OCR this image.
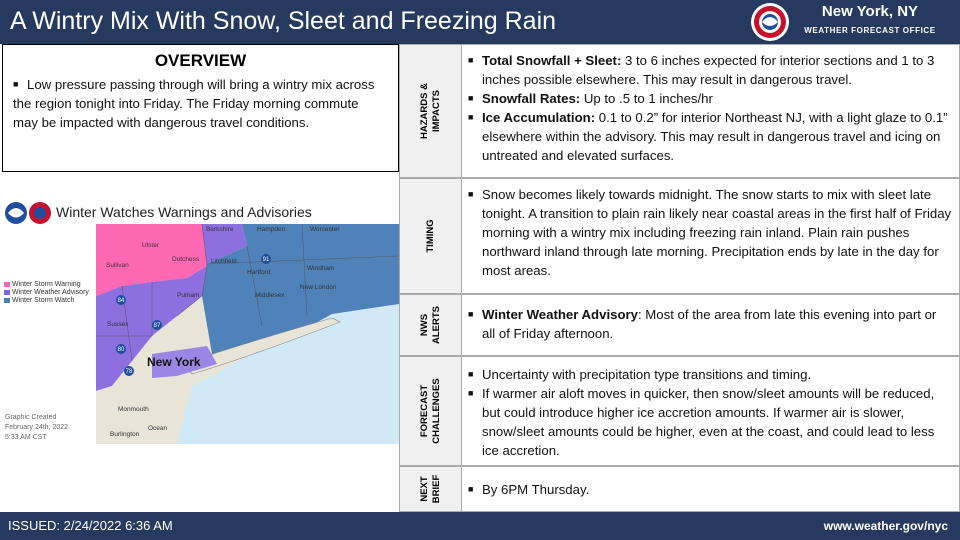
A Wintry Mix With Snow, Sleet and Freezing Rain	New York, NY
WEATHER FORECAST OFFICE
OVERVIEW
■ Low pressure passing through will bring a wintry mix across the region tonight into Friday. The Friday morning commute may be impacted with dangerous travel conditions.
91
84
87
80
78
Berkshire	Hampden	Worcester
Ulster
Dutchess
Sullivan
Litchfield
Hartford
Windham
Putnam	Middlesex
New London
Sussex
Monmouth
Burlington
Ocean
New York
Winter Watches Warnings and Advisories
Winter Storm Warning
Winter Weather Advisory
Winter Storm Watch
Graphic Created
February 24th, 2022
5:33 AM CST
HAZARDS &
IMPACTS
■ Total Snowfall + Sleet: 3 to 6 inches expected for interior sections and 1 to 3 inches possible elsewhere. This may result in dangerous travel.
■ Snowfall Rates: Up to .5 to 1 inches/hr
■ Ice Accumulation: 0.1 to 0.2” for interior Northeast NJ, with a light glaze to 0.1” elsewhere within the advisory. This may result in dangerous travel and icing on untreated and elevated surfaces.
TIMING
■ Snow becomes likely towards midnight. The snow starts to mix with sleet late tonight. A transition to plain rain likely near coastal areas in the first half of Friday morning with a wintry mix including freezing rain inland. Plain rain pushes northward inland through late morning. Precipitation ends by late in the day for most areas.
NWS
ALERTS	■ Winter Weather Advisory: Most of the area from late this evening into part or all of Friday afternoon.
FORECAST
CHALLENGES
■ Uncertainty with precipitation type transitions and timing.
■ If warmer air aloft moves in quicker, then snow/sleet amounts will be reduced, but could introduce higher ice accretion amounts. If warmer air is slower, snow/sleet amounts could be higher, even at the coast, and could lead to less ice accretion.
NEXT
BRIEF	■ By 6PM Thursday.
ISSUED: 2/24/2022 6:36 AM	www.weather.gov/nyc
